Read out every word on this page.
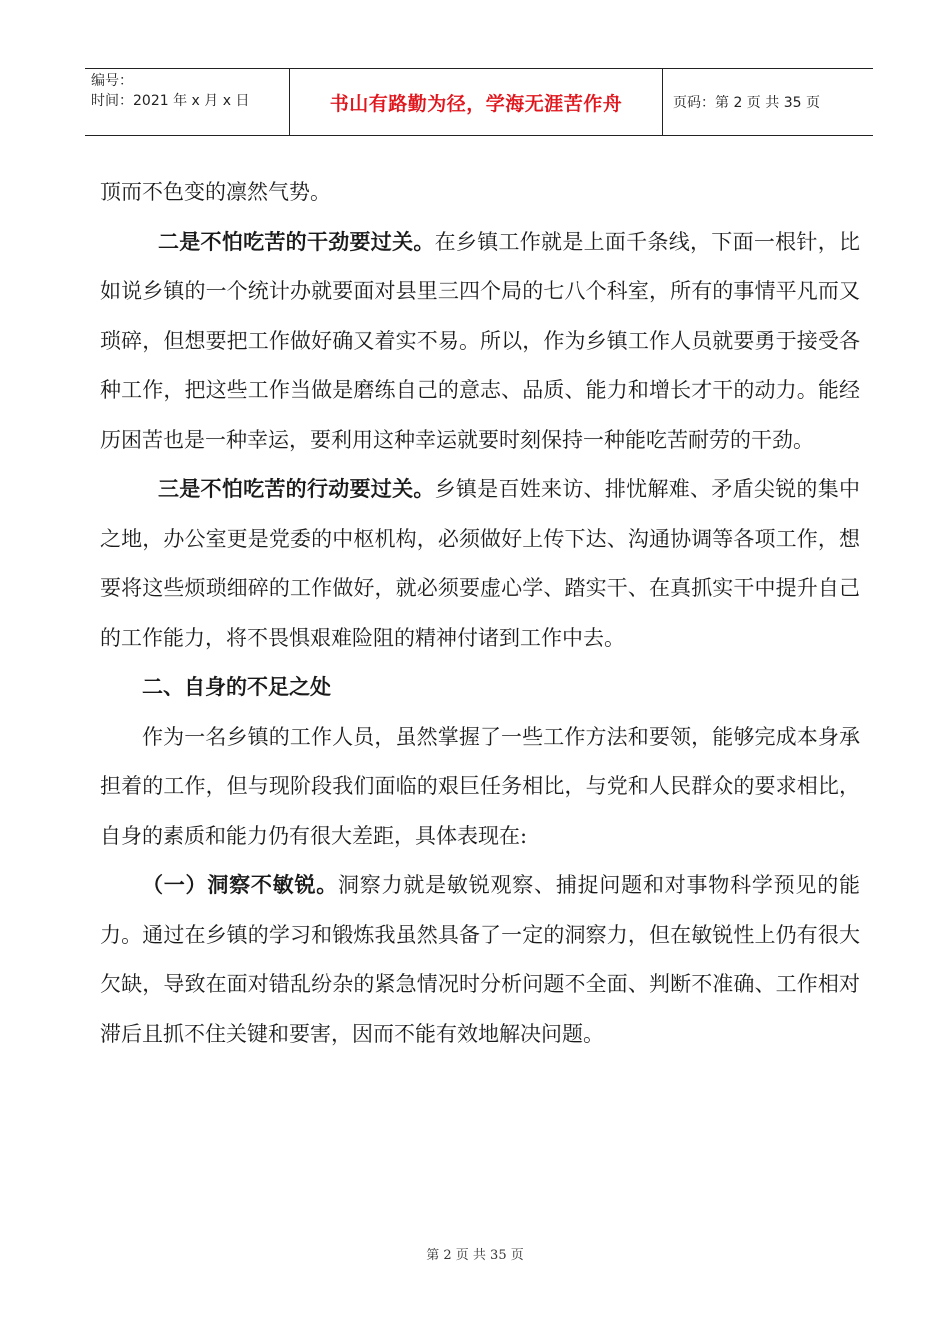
编号：
时间：2021 年 x 月 x 日	书山有路勤为径，学海无涯苦作舟	页码：第 2 页 共 35 页

顶而不色变的凛然气势。

二是不怕吃苦的干劲要过关。在乡镇工作就是上面千条线，下面一根针，比如说乡镇的一个统计办就要面对县里三四个局的七八个科室，所有的事情平凡而又琐碎，但想要把工作做好确又着实不易。所以，作为乡镇工作人员就要勇于接受各种工作，把这些工作当做是磨练自己的意志、品质、能力和增长才干的动力。能经历困苦也是一种幸运，要利用这种幸运就要时刻保持一种能吃苦耐劳的干劲。

三是不怕吃苦的行动要过关。乡镇是百姓来访、排忧解难、矛盾尖锐的集中之地，办公室更是党委的中枢机构，必须做好上传下达、沟通协调等各项工作，想要将这些烦琐细碎的工作做好，就必须要虚心学、踏实干、在真抓实干中提升自己的工作能力，将不畏惧艰难险阻的精神付诸到工作中去。

二、自身的不足之处

作为一名乡镇的工作人员，虽然掌握了一些工作方法和要领，能够完成本身承担着的工作，但与现阶段我们面临的艰巨任务相比，与党和人民群众的要求相比，自身的素质和能力仍有很大差距，具体表现在:

（一）洞察不敏锐。洞察力就是敏锐观察、捕捉问题和对事物科学预见的能力。通过在乡镇的学习和锻炼我虽然具备了一定的洞察力，但在敏锐性上仍有很大欠缺，导致在面对错乱纷杂的紧急情况时分析问题不全面、判断不准确、工作相对滞后且抓不住关键和要害，因而不能有效地解决问题。

第 2 页 共 35 页
